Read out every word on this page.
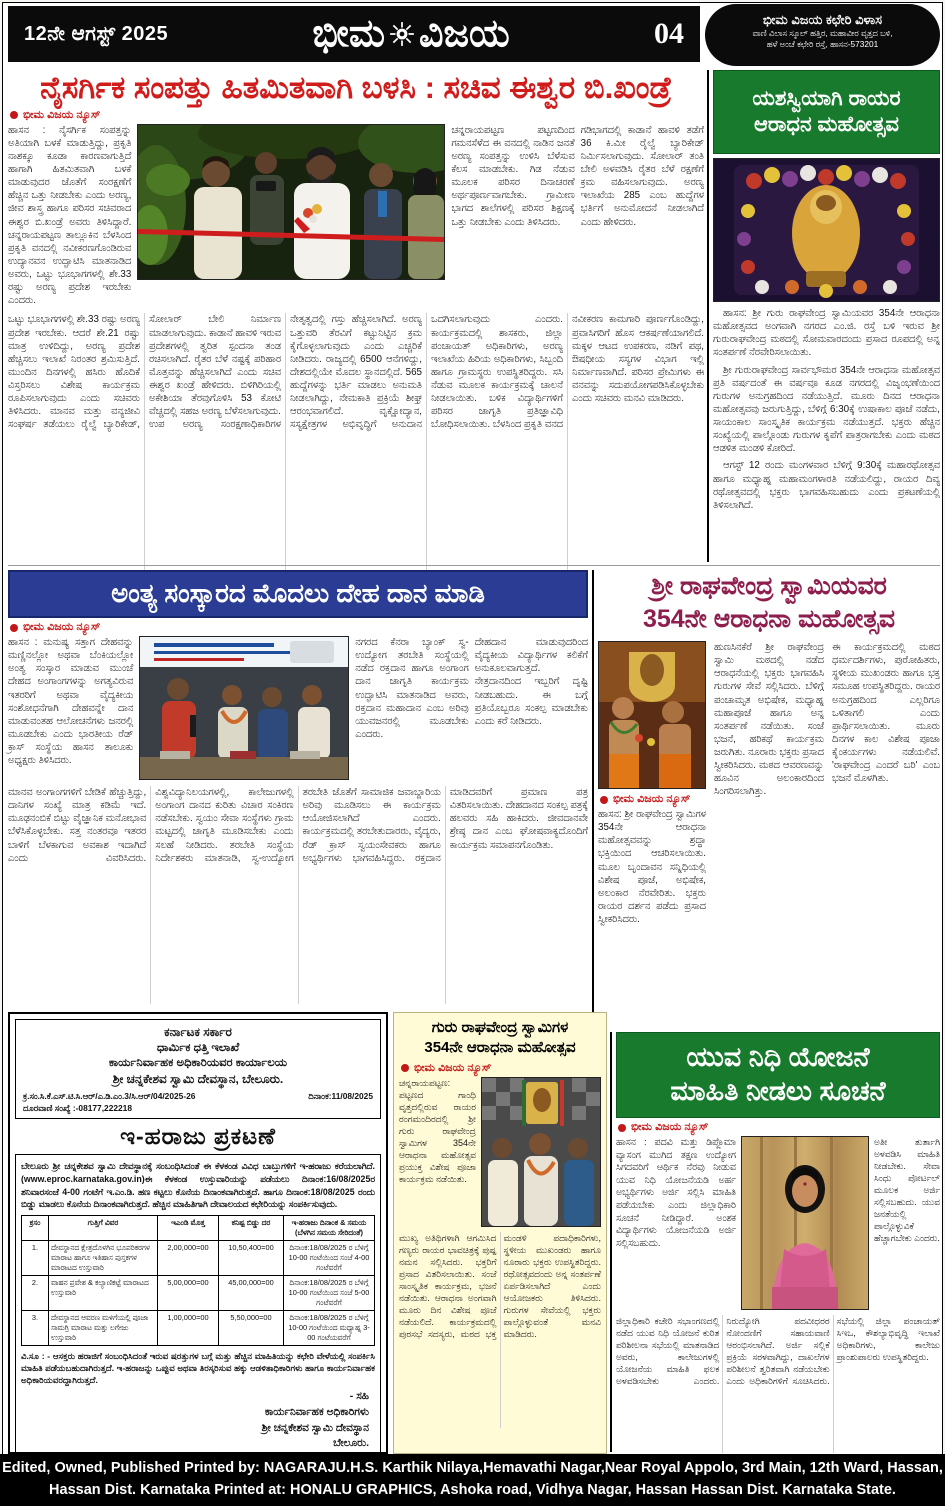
12ನೇ ಆಗಸ್ಟ್ 2025	ಭೀಮ ವಿಜಯ	04	ಭೀಮ ವಿಜಯ ಕಛೇರಿ ವಿಳಾಸ
ವಾಣಿ ವಿಲಾಸ ಸ್ಕೂಲ್ ಹತ್ತಿರ, ಮಹಾವೀರ ವೃತ್ತದ ಬಳಿ,
ಹಳೆ ಅಂಚೆ ಕಛೇರಿ ರಸ್ತೆ, ಹಾಸನ-573201
ನೈಸರ್ಗಿಕ ಸಂಪತ್ತು ಹಿತಮಿತವಾಗಿ ಬಳಸಿ : ಸಚಿವ ಈಶ್ವರ ಬಿ.ಖಂಡ್ರೆ
ಭೀಮ ವಿಜಯ ನ್ಯೂಸ್
ಹಾಸನ : ನೈಸರ್ಗಿಕ ಸಂಪತ್ತನ್ನು ಅತಿಯಾಗಿ ಬಳಕೆ ಮಾಡುತ್ತಿದ್ದು, ಪ್ರಕೃತಿ ನಾಶಕ್ಕೂ ಕೂಡಾ ಕಾರಣವಾಗುತ್ತಿದೆ ಹಾಗಾಗಿ ಹಿತಮಿತವಾಗಿ ಬಳಕೆ ಮಾಡುವುದರ ಜೊತೆಗೆ ಸಂರಕ್ಷಣೆಗೆ ಹೆಚ್ಚಿನ ಒತ್ತು ನೀಡಬೇಕು ಎಂದು ಅರಣ್ಯ, ಜೀವ ಶಾಸ್ತ್ರ ಹಾಗೂ ಪರಿಸರ ಸಚಿವರಾದ ಈಶ್ವರ ಬಿ.ಖಂಡ್ರೆ ಅವರು ತಿಳಿಸಿದ್ದಾರೆ. ಚನ್ನರಾಯಪಟ್ಟಣ ತಾಲ್ಲೂಕಿನ ಬೆಳಸಿಂದ ಪ್ರಕೃತಿ ವನದಲ್ಲಿ ನವೀಕರಣಗೊಂಡಿರುವ ಉದ್ಯಾನವನ ಉದ್ಘಾಟಿಸಿ ಮಾತನಾಡಿದ ಅವರು, ಒಟ್ಟು ಭೂಭಾಗಗಳಲ್ಲಿ ಶೇ.33 ರಷ್ಟು ಅರಣ್ಯ ಪ್ರದೇಶ ಇರಬೇಕು ಎಂದರು.
ಚನ್ನರಾಯಪಟ್ಟಣ ಪಟ್ಟಣದಿಂದ ಗಮನಸೆಳೆದ ಈ ವನದಲ್ಲಿ ನಾಡಿನ ಜನತೆ ಅರಣ್ಯ ಸಂಪತ್ತನ್ನು ಉಳಿಸಿ ಬೆಳೆಸುವ ಕೆಲಸ ಮಾಡಬೇಕು. ಗಿಡ ನೆಡುವ ಮೂಲಕ ಪರಿಸರ ದಿನಾಚರಣೆ ಅರ್ಥಪೂರ್ಣವಾಗಬೇಕು. ಗ್ರಾಮೀಣ ಭಾಗದ ಶಾಲೆಗಳಲ್ಲಿ ಪರಿಸರ ಶಿಕ್ಷಣಕ್ಕೆ ಒತ್ತು ನೀಡಬೇಕು ಎಂದು ತಿಳಿಸಿದರು.
ಗಡಿಭಾಗದಲ್ಲಿ ಕಾಡಾನೆ ಹಾವಳಿ ತಡೆಗೆ 36 ಕಿ.ಮೀ ರೈಲ್ವೆ ಬ್ಯಾರಿಕೇಡ್ ನಿರ್ಮಿಸಲಾಗುವುದು. ಸೋಲಾರ್ ತಂತಿ ಬೇಲಿ ಅಳವಡಿಸಿ ರೈತರ ಬೆಳೆ ರಕ್ಷಣೆಗೆ ಕ್ರಮ ವಹಿಸಲಾಗುವುದು. ಅರಣ್ಯ ಇಲಾಖೆಯ 285 ಎಂಬ ಹುದ್ದೆಗಳ ಭರ್ತಿಗೆ ಅನುಮೋದನೆ ನೀಡಲಾಗಿದೆ ಎಂದು ಹೇಳಿದರು.
ಒಟ್ಟು ಭೂಭಾಗಗಳಲ್ಲಿ ಶೇ.33 ರಷ್ಟು ಅರಣ್ಯ ಪ್ರದೇಶ ಇರಬೇಕು. ಆದರೆ ಶೇ.21 ರಷ್ಟು ಮಾತ್ರ ಉಳಿದಿದ್ದು, ಅರಣ್ಯ ಪ್ರದೇಶ ಹೆಚ್ಚಿಸಲು ಇಲಾಖೆ ನಿರಂತರ ಶ್ರಮಿಸುತ್ತಿದೆ. ಮುಂದಿನ ದಿನಗಳಲ್ಲಿ ಹಸಿರು ಹೊದಿಕೆ ವಿಸ್ತರಿಸಲು ವಿಶೇಷ ಕಾರ್ಯಕ್ರಮ ರೂಪಿಸಲಾಗುವುದು ಎಂದು ಸಚಿವರು ತಿಳಿಸಿದರು. ಮಾನವ ಮತ್ತು ವನ್ಯಜೀವಿ ಸಂಘರ್ಷ ತಡೆಯಲು ರೈಲ್ವೆ ಬ್ಯಾರಿಕೇಡ್, ಸೋಲಾರ್ ಬೇಲಿ ನಿರ್ಮಾಣ ಮಾಡಲಾಗುವುದು. ಕಾಡಾನೆ ಹಾವಳಿ ಇರುವ ಪ್ರದೇಶಗಳಲ್ಲಿ ತ್ವರಿತ ಸ್ಪಂದನಾ ತಂಡ ರಚಿಸಲಾಗಿದೆ. ರೈತರ ಬೆಳೆ ನಷ್ಟಕ್ಕೆ ಪರಿಹಾರ ಮೊತ್ತವನ್ನು ಹೆಚ್ಚಿಸಲಾಗಿದೆ ಎಂದು ಸಚಿವ ಈಶ್ವರ ಖಂಡ್ರೆ ಹೇಳಿದರು. ಬಿಳಿಗಿರಿಯಲ್ಲಿ ಅಕೇಶಿಯಾ ತೆರವುಗೊಳಿಸಿ 53 ಕೋಟಿ ವೆಚ್ಚದಲ್ಲಿ ಸಹಜ ಅರಣ್ಯ ಬೆಳೆಸಲಾಗುವುದು. ಉಪ ಅರಣ್ಯ ಸಂರಕ್ಷಣಾಧಿಕಾರಿಗಳ ನೇತೃತ್ವದಲ್ಲಿ ಗಸ್ತು ಹೆಚ್ಚಿಸಲಾಗಿದೆ. ಅರಣ್ಯ ಒತ್ತುವರಿ ತೆರವಿಗೆ ಕಟ್ಟುನಿಟ್ಟಿನ ಕ್ರಮ ಕೈಗೊಳ್ಳಲಾಗುವುದು ಎಂದು ಎಚ್ಚರಿಕೆ ನೀಡಿದರು. ರಾಜ್ಯದಲ್ಲಿ 6500 ಆನೆಗಳಿದ್ದು, ದೇಶದಲ್ಲಿಯೇ ಮೊದಲ ಸ್ಥಾನದಲ್ಲಿದೆ. 565 ಹುದ್ದೆಗಳನ್ನು ಭರ್ತಿ ಮಾಡಲು ಅನುಮತಿ ನೀಡಲಾಗಿದ್ದು, ನೇಮಕಾತಿ ಪ್ರಕ್ರಿಯೆ ಶೀಘ್ರ ಆರಂಭವಾಗಲಿದೆ. ವೃಕ್ಷೋದ್ಯಾನ, ಸಸ್ಯಕ್ಷೇತ್ರಗಳ ಅಭಿವೃದ್ಧಿಗೆ ಅನುದಾನ ಒದಗಿಸಲಾಗುವುದು ಎಂದರು. ಕಾರ್ಯಕ್ರಮದಲ್ಲಿ ಶಾಸಕರು, ಜಿಲ್ಲಾ ಪಂಚಾಯತ್ ಅಧಿಕಾರಿಗಳು, ಅರಣ್ಯ ಇಲಾಖೆಯ ಹಿರಿಯ ಅಧಿಕಾರಿಗಳು, ಸಿಬ್ಬಂದಿ ಹಾಗೂ ಗ್ರಾಮಸ್ಥರು ಉಪಸ್ಥಿತರಿದ್ದರು. ಸಸಿ ನೆಡುವ ಮೂಲಕ ಕಾರ್ಯಕ್ರಮಕ್ಕೆ ಚಾಲನೆ ನೀಡಲಾಯಿತು. ಬಳಿಕ ವಿದ್ಯಾರ್ಥಿಗಳಿಗೆ ಪರಿಸರ ಜಾಗೃತಿ ಪ್ರತಿಜ್ಞಾವಿಧಿ ಬೋಧಿಸಲಾಯಿತು. ಬೆಳಸಿಂದ ಪ್ರಕೃತಿ ವನದ ನವೀಕರಣ ಕಾಮಗಾರಿ ಪೂರ್ಣಗೊಂಡಿದ್ದು, ಪ್ರವಾಸಿಗರಿಗೆ ಹೊಸ ಆಕರ್ಷಣೆಯಾಗಲಿದೆ. ಮಕ್ಕಳ ಆಟದ ಉಪಕರಣ, ನಡಿಗೆ ಪಥ, ಔಷಧೀಯ ಸಸ್ಯಗಳ ವಿಭಾಗ ಇಲ್ಲಿ ನಿರ್ಮಾಣವಾಗಿದೆ. ಪರಿಸರ ಪ್ರೇಮಿಗಳು ಈ ವನವನ್ನು ಸದುಪಯೋಗಪಡಿಸಿಕೊಳ್ಳಬೇಕು ಎಂದು ಸಚಿವರು ಮನವಿ ಮಾಡಿದರು.
ಯಶಸ್ವಿಯಾಗಿ ರಾಯರ
ಆರಾಧನ ಮಹೋತ್ಸವ

ಹಾಸನ: ಶ್ರೀ ಗುರು ರಾಘವೇಂದ್ರ ಸ್ವಾಮಿಯವರ 354ನೇ ಆರಾಧನಾ ಮಹೋತ್ಸವದ ಅಂಗವಾಗಿ ನಗರದ ಎಂ.ಜಿ. ರಸ್ತೆ ಬಳಿ ಇರುವ ಶ್ರೀ ಗುರುರಾಘವೇಂದ್ರ ಮಠದಲ್ಲಿ ಸೋಮವಾರದಂದು ಪ್ರಸಾದ ರೂಪದಲ್ಲಿ ಅನ್ನ ಸಂತರ್ಪಣೆ ನೆರವೇರಿಸಲಾಯಿತು.

ಶ್ರೀ ಗುರುರಾಘವೇಂದ್ರ ಸಾರ್ವಭೌಮರ 354ನೇ ಆರಾಧನಾ ಮಹೋತ್ಸವ ಪ್ರತಿ ವರ್ಷದಂತೆ ಈ ವರ್ಷವೂ ಕೂಡ ನಗರದಲ್ಲಿ ವಿಜೃಂಭಣೆಯಿಂದ ಗುರುಗಳ ಅನುಗ್ರಹದಿಂದ ನಡೆಯುತ್ತಿದೆ. ಮೂರು ದಿನದ ಆರಾಧನಾ ಮಹೋತ್ಸವವು ಜರುಗುತ್ತಿದ್ದು, ಬೆಳಿಗ್ಗೆ 6:30ಕ್ಕೆ ಉಷಾಕಾಲ ಪೂಜೆ ನಡೆದು, ಸಾಯಂಕಾಲ ಸಾಂಸ್ಕೃತಿಕ ಕಾರ್ಯಕ್ರಮ ನಡೆಯುತ್ತದೆ. ಭಕ್ತರು ಹೆಚ್ಚಿನ ಸಂಖ್ಯೆಯಲ್ಲಿ ಪಾಲ್ಗೊಂಡು ಗುರುಗಳ ಕೃಪೆಗೆ ಪಾತ್ರರಾಗಬೇಕು ಎಂದು ಮಠದ ಆಡಳಿತ ಮಂಡಳಿ ಕೋರಿದೆ.

ಆಗಸ್ಟ್ 12 ರಂದು ಮಂಗಳವಾರ ಬೆಳಿಗ್ಗೆ 9:30ಕ್ಕೆ ಮಹಾರಥೋತ್ಸವ ಹಾಗೂ ಮಧ್ಯಾಹ್ನ ಮಹಾಮಂಗಳಾರತಿ ನಡೆಯಲಿದ್ದು, ರಾಯರ ದಿವ್ಯ ರಥೋತ್ಸವದಲ್ಲಿ ಭಕ್ತರು ಭಾಗವಹಿಸಬಹುದು ಎಂದು ಪ್ರಕಟಣೆಯಲ್ಲಿ ತಿಳಿಸಲಾಗಿದೆ.

ಅಂತ್ಯ ಸಂಸ್ಕಾರದ ಮೊದಲು ದೇಹ ದಾನ ಮಾಡಿ
ಭೀಮ ವಿಜಯ ನ್ಯೂಸ್
ಹಾಸನ : ಮನುಷ್ಯ ಸತ್ತಾಗ ದೇಹವನ್ನು ಮಣ್ಣಿನಲ್ಲೋ ಅಥವಾ ಬೆಂಕಿಯಲ್ಲೋ ಅಂತ್ಯ ಸಂಸ್ಕಾರ ಮಾಡುವ ಮುಂಚೆ ದೇಹದ ಅಂಗಾಂಗಗಳನ್ನು ಅಗತ್ಯವಿರುವ ಇತರರಿಗೆ ಅಥವಾ ವೈದ್ಯಕೀಯ ಸಂಶೋಧನೆಗಾಗಿ ದೇಹವನ್ನೇ ದಾನ ಮಾಡುವಂತಹ ಆಲೋಚನೆಗಳು ಜನರಲ್ಲಿ ಮೂಡಬೇಕು ಎಂದು ಭಾರತೀಯ ರೆಡ್ ಕ್ರಾಸ್ ಸಂಸ್ಥೆಯ ಹಾಸನ ತಾಲೂಕು ಅಧ್ಯಕ್ಷರು ತಿಳಿಸಿದರು.
ನಗರದ ಕೆನರಾ ಬ್ಯಾಂಕ್ ಸ್ವ-ಉದ್ಯೋಗ ತರಬೇತಿ ಸಂಸ್ಥೆಯಲ್ಲಿ ನಡೆದ ರಕ್ತದಾನ ಹಾಗೂ ಅಂಗಾಂಗ ದಾನ ಜಾಗೃತಿ ಕಾರ್ಯಕ್ರಮ ಉದ್ಘಾಟಿಸಿ ಮಾತನಾಡಿದ ಅವರು, ರಕ್ತದಾನ ಮಹಾದಾನ ಎಂಬ ಅರಿವು ಯುವಜನರಲ್ಲಿ ಮೂಡಬೇಕು ಎಂದರು.
ದೇಹದಾನ ಮಾಡುವುದರಿಂದ ವೈದ್ಯಕೀಯ ವಿದ್ಯಾರ್ಥಿಗಳ ಕಲಿಕೆಗೆ ಅನುಕೂಲವಾಗುತ್ತದೆ. ನೇತ್ರದಾನದಿಂದ ಇಬ್ಬರಿಗೆ ದೃಷ್ಟಿ ನೀಡಬಹುದು. ಈ ಬಗ್ಗೆ ಪ್ರತಿಯೊಬ್ಬರೂ ಸಂಕಲ್ಪ ಮಾಡಬೇಕು ಎಂದು ಕರೆ ನೀಡಿದರು.
ಮಾನವ ಅಂಗಾಂಗಗಳಿಗೆ ಬೇಡಿಕೆ ಹೆಚ್ಚುತ್ತಿದ್ದು, ದಾನಿಗಳ ಸಂಖ್ಯೆ ಮಾತ್ರ ಕಡಿಮೆ ಇದೆ. ಮೂಢನಂಬಿಕೆ ಬಿಟ್ಟು ವೈಜ್ಞಾನಿಕ ಮನೋಭಾವ ಬೆಳೆಸಿಕೊಳ್ಳಬೇಕು. ಸತ್ತ ನಂತರವೂ ಇತರರ ಬಾಳಿಗೆ ಬೆಳಕಾಗುವ ಅವಕಾಶ ಇದಾಗಿದೆ ಎಂದು ವಿವರಿಸಿದರು. ವಿಶ್ವವಿದ್ಯಾನಿಲಯಗಳಲ್ಲಿ, ಕಾಲೇಜುಗಳಲ್ಲಿ ಅಂಗಾಂಗ ದಾನದ ಕುರಿತು ವಿಚಾರ ಸಂಕಿರಣ ನಡೆಸಬೇಕು. ಸ್ವಯಂ ಸೇವಾ ಸಂಸ್ಥೆಗಳು ಗ್ರಾಮ ಮಟ್ಟದಲ್ಲಿ ಜಾಗೃತಿ ಮೂಡಿಸಬೇಕು ಎಂದು ಸಲಹೆ ನೀಡಿದರು. ತರಬೇತಿ ಸಂಸ್ಥೆಯ ನಿರ್ದೇಶಕರು ಮಾತನಾಡಿ, ಸ್ವ-ಉದ್ಯೋಗ ತರಬೇತಿ ಜೊತೆಗೆ ಸಾಮಾಜಿಕ ಜವಾಬ್ದಾರಿಯ ಅರಿವು ಮೂಡಿಸಲು ಈ ಕಾರ್ಯಕ್ರಮ ಆಯೋಜಿಸಲಾಗಿದೆ ಎಂದರು. ಕಾರ್ಯಕ್ರಮದಲ್ಲಿ ತರಬೇತುದಾರರು, ವೈದ್ಯರು, ರೆಡ್ ಕ್ರಾಸ್ ಸ್ವಯಂಸೇವಕರು ಹಾಗೂ ಅಭ್ಯರ್ಥಿಗಳು ಭಾಗವಹಿಸಿದ್ದರು. ರಕ್ತದಾನ ಮಾಡಿದವರಿಗೆ ಪ್ರಮಾಣ ಪತ್ರ ವಿತರಿಸಲಾಯಿತು. ದೇಹದಾನದ ಸಂಕಲ್ಪ ಪತ್ರಕ್ಕೆ ಹಲವರು ಸಹಿ ಹಾಕಿದರು. ಜೀವದಾನವೇ ಶ್ರೇಷ್ಠ ದಾನ ಎಂಬ ಘೋಷವಾಕ್ಯದೊಂದಿಗೆ ಕಾರ್ಯಕ್ರಮ ಸಮಾಪನಗೊಂಡಿತು.
ಶ್ರೀ ರಾಘವೇಂದ್ರ ಸ್ವಾಮಿಯವರ
354ನೇ ಆರಾಧನಾ ಮಹೋತ್ಸವ
ಭೀಮ ವಿಜಯ ನ್ಯೂಸ್
ಹಾಸನ: ಶ್ರೀ ರಾಘವೇಂದ್ರ ಸ್ವಾಮಿಗಳ 354ನೇ ಆರಾಧನಾ ಮಹೋತ್ಸವವನ್ನು ಶ್ರದ್ಧಾ ಭಕ್ತಿಯಿಂದ ಆಚರಿಸಲಾಯಿತು. ಮೂಲ ಬೃಂದಾವನ ಸನ್ನಿಧಿಯಲ್ಲಿ ವಿಶೇಷ ಪೂಜೆ, ಅಭಿಷೇಕ, ಅಲಂಕಾರ ನೆರವೇರಿತು. ಭಕ್ತರು ರಾಯರ ದರ್ಶನ ಪಡೆದು ಪ್ರಸಾದ ಸ್ವೀಕರಿಸಿದರು.
ಹುಣಸಿನಕೆರೆ ಶ್ರೀ ರಾಘವೇಂದ್ರ ಸ್ವಾಮಿ ಮಠದಲ್ಲಿ ನಡೆದ ಆರಾಧನೆಯಲ್ಲಿ ಭಕ್ತರು ಭಾಗವಹಿಸಿ ಗುರುಗಳ ಸೇವೆ ಸಲ್ಲಿಸಿದರು. ಬೆಳಿಗ್ಗೆ ಪಂಚಾಮೃತ ಅಭಿಷೇಕ, ಮಧ್ಯಾಹ್ನ ಮಹಾಪೂಜೆ ಹಾಗೂ ಅನ್ನ ಸಂತರ್ಪಣೆ ನಡೆಯಿತು. ಸಂಜೆ ಭಜನೆ, ಹರಿಕಥೆ ಕಾರ್ಯಕ್ರಮ ಜರುಗಿತು. ನೂರಾರು ಭಕ್ತರು ಪ್ರಸಾದ ಸ್ವೀಕರಿಸಿದರು. ಮಠದ ಆವರಣವನ್ನು ಹೂವಿನ ಅಲಂಕಾರದಿಂದ ಸಿಂಗರಿಸಲಾಗಿತ್ತು.
ಈ ಕಾರ್ಯಕ್ರಮದಲ್ಲಿ ಮಠದ ಧರ್ಮದರ್ಶಿಗಳು, ಪುರೋಹಿತರು, ಸ್ಥಳೀಯ ಮುಖಂಡರು ಹಾಗೂ ಭಕ್ತ ಸಮೂಹ ಉಪಸ್ಥಿತರಿದ್ದರು. ರಾಯರ ಅನುಗ್ರಹದಿಂದ ಎಲ್ಲರಿಗೂ ಒಳಿತಾಗಲಿ ಎಂದು ಪ್ರಾರ್ಥಿಸಲಾಯಿತು. ಮೂರು ದಿನಗಳ ಕಾಲ ವಿಶೇಷ ಪೂಜಾ ಕೈಂಕರ್ಯಗಳು ನಡೆಯಲಿವೆ. 'ರಾಘವೇಂದ್ರ ಎಂದರೆ ಬರಿ' ಎಂಬ ಭಜನೆ ಮೊಳಗಿತು.
ಕರ್ನಾಟಕ ಸರ್ಕಾರ
ಧಾರ್ಮಿಕ ಧತ್ತಿ ಇಲಾಖೆ
ಕಾರ್ಯನಿರ್ವಾಹಕ ಅಧಿಕಾರಿಯವರ ಕಾರ್ಯಾಲಯ
ಶ್ರೀ ಚನ್ನಕೇಶವ ಸ್ವಾಮಿ ದೇವಸ್ಥಾನ, ಬೇಲೂರು.
ಕ್ರ.ಸಂ.ಸಿ.ಕೆ.ಎಸ್.ಟಿ.ಸಿ.ಆರ್/ಎ.ಡಿ.ಎಂ.3/ಸಿ.ಆರ್/04/2025-26	ದಿನಾಂಕ:11/08/2025
ದೂರವಾಣಿ ಸಂಖ್ಯೆ :-08177,222218
ಇ-ಹರಾಜು ಪ್ರಕಟಣೆ

ಬೇಲೂರು ಶ್ರೀ ಚನ್ನಕೇಶವ ಸ್ವಾಮಿ ದೇವಸ್ಥಾನಕ್ಕೆ ಸಂಬಂಧಿಸಿದಂತೆ ಈ ಕೆಳಕಂಡ ವಿವಿಧ ಬಾಬ್ತುಗಳಿಗೆ ಇ-ಹರಾಜು ಕರೆಯಲಾಗಿದೆ. (www.eproc.karnataka.gov.in)ಈ ಕೆಳಕಂಡ ಉಸ್ತುವಾರಿಯನ್ನು ಪಡೆಯಲು ದಿನಾಂಕ:16/08/2025ರ ಶನಿವಾರಸಂಜೆ 4-00 ಗಂಟೆಗೆ ಇ.ಎಂ.ಡಿ. ಹಣ ಕಟ್ಟಲು ಕೊನೆಯ ದಿನಾಂಕವಾಗಿರುತ್ತದೆ. ಹಾಗೂ ದಿನಾಂಕ:18/08/2025 ರಂದು ಬಿಡ್ಡು ಮಾಡಲು ಕೊನೆಯ ದಿನಾಂಕವಾಗಿರುತ್ತದೆ. ಹೆಚ್ಚಿನ ಮಾಹಿತಿಗಾಗಿ ದೇವಾಲಯದ ಕಛೇರಿಯನ್ನು ಸಂಪರ್ಕಿಸುವುದು.

ಕ್ರಸಂ	ಗುತ್ತಿಗೆ ವಿವರ	ಇಎಂಡಿ ಮೊತ್ತ	ಕನಿಷ್ಟ ಬಿಡ್ಡು ದರ	ಇ-ಹರಾಜು ದಿನಾಂಕ & ಸಮಯ (ಬೆಳಗಿನ ಸಮಯ ಸೇರಿದಂತೆ)
1.	ದೇವಸ್ಥಾನದ ಕ್ಷೇತ್ರದೊಳಗಿನ ಭೂಪರಿಕರಗಳ ಮಾರಾಟ ಹಾಗೂ ಇತಿಹಾಸ ಪುಸ್ತಕಗಳ ಮಾರಾಟದ ಉಸ್ತುವಾರಿ	2,00,000=00	10,50,400=00	ದಿನಾಂಕ:18/08/2025 ರ ಬೆಳಿಗ್ಗೆ 10-00 ಗಂಟೆಯಿಂದ ಸಂಜೆ 4-00 ಗಂಟೆವರೆಗೆ
2.	ವಾಹನ ಪ್ರವೇಶ & ಕಲ್ಯಾಣಿಕಟ್ಟೆ ಮಾರಾಟದ ಉಸ್ತುವಾರಿ	5,00,000=00	45,00,000=00	ದಿನಾಂಕ:18/08/2025 ರ ಬೆಳಿಗ್ಗೆ 10-00 ಗಂಟೆಯಿಂದ ಸಂಜೆ 5-00 ಗಂಟೆವರೆಗೆ
3.	ದೇವಸ್ಥಾನದ ಆವರಣ ಮಳಿಗೆಯಲ್ಲಿ ಪೂಜಾ ಸಾಮಗ್ರಿ ಮಾರಾಟ ಮತ್ತು ಲಗೇಜು ಉಸ್ತುವಾರಿ	1,00,000=00	5,50,000=00	ದಿನಾಂಕ:18/08/2025 ರ ಬೆಳಿಗ್ಗೆ 10-00 ಗಂಟೆಯಿಂದ ಮಧ್ಯಾಹ್ನ 3-00 ಗಂಟೆಯವರೆಗೆ
ವಿ.ಸೂ : - ಆಸಕ್ತರು ಹರಾಜಿಗೆ ಸಂಬಂಧಿಸಿದಂತೆ ಇರುವ ಷರತ್ತುಗಳ ಬಗ್ಗೆ ಮತ್ತು ಹೆಚ್ಚಿನ ಮಾಹಿತಿಯನ್ನು ಕಛೇರಿ ವೇಳೆಯಲ್ಲಿ ಸಂಪರ್ಕಿಸಿ ಮಾಹಿತಿ ಪಡೆಯಬಹುದಾಗಿರುತ್ತದೆ. ಇ-ಹರಾಜನ್ನು ಒಪ್ಪುವ ಅಥವಾ ತಿರಸ್ಕರಿಸುವ ಹಕ್ಕು ಆಡಳಿತಾಧಿಕಾರಿಗಳು ಹಾಗೂ ಕಾರ್ಯನಿರ್ವಾಹಕ ಅಧಿಕಾರಿಯವರದ್ದಾಗಿರುತ್ತದೆ.
- ಸಹಿ
ಕಾರ್ಯನಿರ್ವಾಹಕ ಅಧಿಕಾರಿಗಳು
ಶ್ರೀ ಚನ್ನಕೇಶವ ಸ್ವಾಮಿ ದೇವಸ್ಥಾನ
ಬೇಲೂರು.
ಗುರು ರಾಘವೇಂದ್ರ ಸ್ವಾಮಿಗಳ
354ನೇ ಆರಾಧನಾ ಮಹೋತ್ಸವ
ಭೀಮ ವಿಜಯ ನ್ಯೂಸ್
ಚನ್ನರಾಯಪಟ್ಟಣ: ಪಟ್ಟಣದ ಗಾಂಧಿ ವೃತ್ತದಲ್ಲಿರುವ ರಾಯರ ರಂಗಮಂದಿರದಲ್ಲಿ ಶ್ರೀ ಗುರು ರಾಘವೇಂದ್ರ ಸ್ವಾಮಿಗಳ 354ನೇ ಆರಾಧನಾ ಮಹೋತ್ಸವ ಪ್ರಯುಕ್ತ ವಿಶೇಷ ಪೂಜಾ ಕಾರ್ಯಕ್ರಮ ನಡೆಯಿತು.
ಮುಖ್ಯ ಅತಿಥಿಗಳಾಗಿ ಆಗಮಿಸಿದ ಗಣ್ಯರು ರಾಯರ ಭಾವಚಿತ್ರಕ್ಕೆ ಪುಷ್ಪ ನಮನ ಸಲ್ಲಿಸಿದರು. ಭಕ್ತರಿಗೆ ಪ್ರಸಾದ ವಿತರಿಸಲಾಯಿತು. ಸಂಜೆ ಸಾಂಸ್ಕೃತಿಕ ಕಾರ್ಯಕ್ರಮ, ಭಜನೆ ನಡೆಯಿತು. ಆರಾಧನಾ ಅಂಗವಾಗಿ ಮೂರು ದಿನ ವಿಶೇಷ ಪೂಜೆ ನಡೆಯಲಿದೆ. ಕಾರ್ಯಕ್ರಮದಲ್ಲಿ ಪುರಸಭೆ ಸದಸ್ಯರು, ಮಠದ ಭಕ್ತ ಮಂಡಳಿ ಪದಾಧಿಕಾರಿಗಳು, ಸ್ಥಳೀಯ ಮುಖಂಡರು ಹಾಗೂ ನೂರಾರು ಭಕ್ತರು ಉಪಸ್ಥಿತರಿದ್ದರು. ರಥೋತ್ಸವದಂದು ಅನ್ನ ಸಂತರ್ಪಣೆ ಏರ್ಪಡಿಸಲಾಗಿದೆ ಎಂದು ಆಯೋಜಕರು ತಿಳಿಸಿದರು. ಗುರುಗಳ ಸೇವೆಯಲ್ಲಿ ಭಕ್ತರು ಪಾಲ್ಗೊಳ್ಳುವಂತೆ ಮನವಿ ಮಾಡಿದರು.
ಯುವ ನಿಧಿ ಯೋಜನೆ
ಮಾಹಿತಿ ನೀಡಲು ಸೂಚನೆ
ಭೀಮ ವಿಜಯ ನ್ಯೂಸ್
ಹಾಸನ : ಪದವಿ ಮತ್ತು ಡಿಪ್ಲೊಮಾ ವ್ಯಾಸಂಗ ಮುಗಿದ ತಕ್ಷಣ ಉದ್ಯೋಗ ಸಿಗದವರಿಗೆ ಆರ್ಥಿಕ ನೆರವು ನೀಡುವ ಯುವ ನಿಧಿ ಯೋಜನೆಯಡಿ ಅರ್ಹ ಅಭ್ಯರ್ಥಿಗಳು ಅರ್ಜಿ ಸಲ್ಲಿಸಿ ಮಾಹಿತಿ ಪಡೆಯಬೇಕು ಎಂದು ಜಿಲ್ಲಾಧಿಕಾರಿ ಸೂಚನೆ ನೀಡಿದ್ದಾರೆ. ಅಂಶಕ ವಿದ್ಯಾರ್ಥಿಗಳು ಯೋಜನೆಯಡಿ ಅರ್ಜಿ ಸಲ್ಲಿಸಬಹುದು.
ಅತೀ ತುರ್ತಾಗಿ ಅಳವಡಿಸಿ ಮಾಹಿತಿ ನೀಡಬೇಕು. ಸೇವಾ ಸಿಂಧು ಪೋರ್ಟಲ್ ಮೂಲಕ ಅರ್ಜಿ ಸಲ್ಲಿಸಬಹುದು. ಯುವ ಜನತೆಯಲ್ಲಿ ಪಾಲ್ಗೊಳ್ಳುವಿಕೆ ಹೆಚ್ಚಾಗಬೇಕು ಎಂದರು.
ಜಿಲ್ಲಾಧಿಕಾರಿ ಕಚೇರಿ ಸಭಾಂಗಣದಲ್ಲಿ ನಡೆದ ಯುವ ನಿಧಿ ಯೋಜನೆ ಕುರಿತ ಪರಿಶೀಲನಾ ಸಭೆಯಲ್ಲಿ ಮಾತನಾಡಿದ ಅವರು, ಕಾಲೇಜುಗಳಲ್ಲಿ ಯೋಜನೆಯ ಮಾಹಿತಿ ಫಲಕ ಅಳವಡಿಸಬೇಕು ಎಂದರು. ನಿರುದ್ಯೋಗಿ ಪದವೀಧರರ ನೋಂದಣಿಗೆ ಸಹಾಯವಾಣಿ ಆರಂಭಿಸಲಾಗಿದೆ. ಅರ್ಜಿ ಸಲ್ಲಿಕೆ ಪ್ರಕ್ರಿಯೆ ಸರಳವಾಗಿದ್ದು, ದಾಖಲೆಗಳ ಪರಿಶೀಲನೆ ತ್ವರಿತವಾಗಿ ನಡೆಯಬೇಕು ಎಂದು ಅಧಿಕಾರಿಗಳಿಗೆ ಸೂಚಿಸಿದರು. ಸಭೆಯಲ್ಲಿ ಜಿಲ್ಲಾ ಪಂಚಾಯತ್ ಸಿಇಒ, ಕೌಶಲ್ಯಾಭಿವೃದ್ಧಿ ಇಲಾಖೆ ಅಧಿಕಾರಿಗಳು, ಕಾಲೇಜು ಪ್ರಾಂಶುಪಾಲರು ಉಪಸ್ಥಿತರಿದ್ದರು.
Edited, Owned, Published Printed by: NAGARAJU.H.S. Karthik Nilaya,Hemavathi Nagar,Near Royal Appolo, 3rd Main, 12th Ward, Hassan,
Hassan Dist. Karnataka Printed at: HONALU GRAPHICS, Ashoka road, Vidhya Nagar, Hassan Hassan Dist. Karnataka State.
